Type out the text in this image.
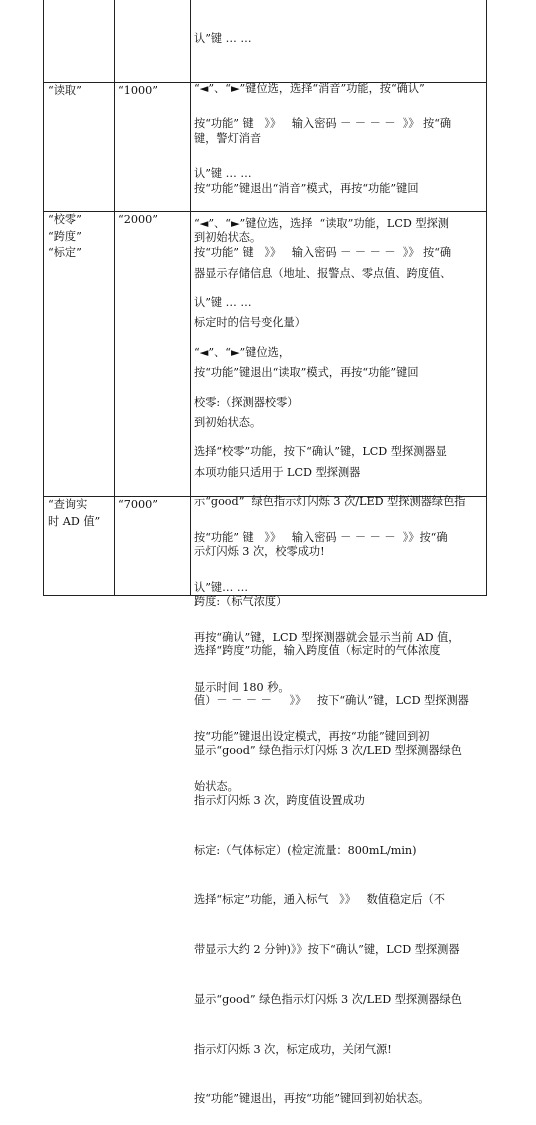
认”键 … …

“◄”、“►”键位选，选择“消音”功能，按“确认”

键，警灯消音

按“功能”键退出“消音”模式，再按“功能”键回

到初始状态。

“读取”	“1000”

按“功能” 键   》》   输入密码 － － － －  》》 按“确

认”键 … …

“◄”、“►”键位选，选择  “读取”功能，LCD 型探测

器显示存储信息（地址、报警点、零点值、跨度值、

标定时的信号变化量）

按“功能”键退出“读取”模式，再按“功能”键回

到初始状态。

本项功能只适用于 LCD 型探测器

“校零”
“跨度”
“标定”
“2000”

按“功能” 键   》》   输入密码 － － － －  》》 按“确

认”键 … …

“◄”、“►”键位选，

校零:（探测器校零）

选择“校零”功能，按下“确认”键，LCD 型探测器显

示“good”  绿色指示灯闪烁 3 次/LED 型探测器绿色指

示灯闪烁 3 次，校零成功!

跨度:（标气浓度）

选择“跨度”功能，输入跨度值（标定时的气体浓度

值）－ － － －     》》   按下“确认”键，LCD 型探测器

显示“good” 绿色指示灯闪烁 3 次/LED 型探测器绿色

指示灯闪烁 3 次，跨度值设置成功

标定:（气体标定）(检定流量：800mL/min)

选择“标定”功能，通入标气   》》   数值稳定后（不

带显示大约 2 分钟)》》按下“确认”键，LCD 型探测器

显示“good” 绿色指示灯闪烁 3 次/LED 型探测器绿色

指示灯闪烁 3 次，标定成功，关闭气源!

按“功能”键退出，再按“功能”键回到初始状态。

“查询实
时 AD 值”
“7000”

按“功能” 键   》》   输入密码 － － － －  》》按“确

认”键… …

再按“确认”键，LCD 型探测器就会显示当前 AD 值，

显示时间 180 秒。

按“功能”键退出设定模式，再按“功能”键回到初

始状态。
